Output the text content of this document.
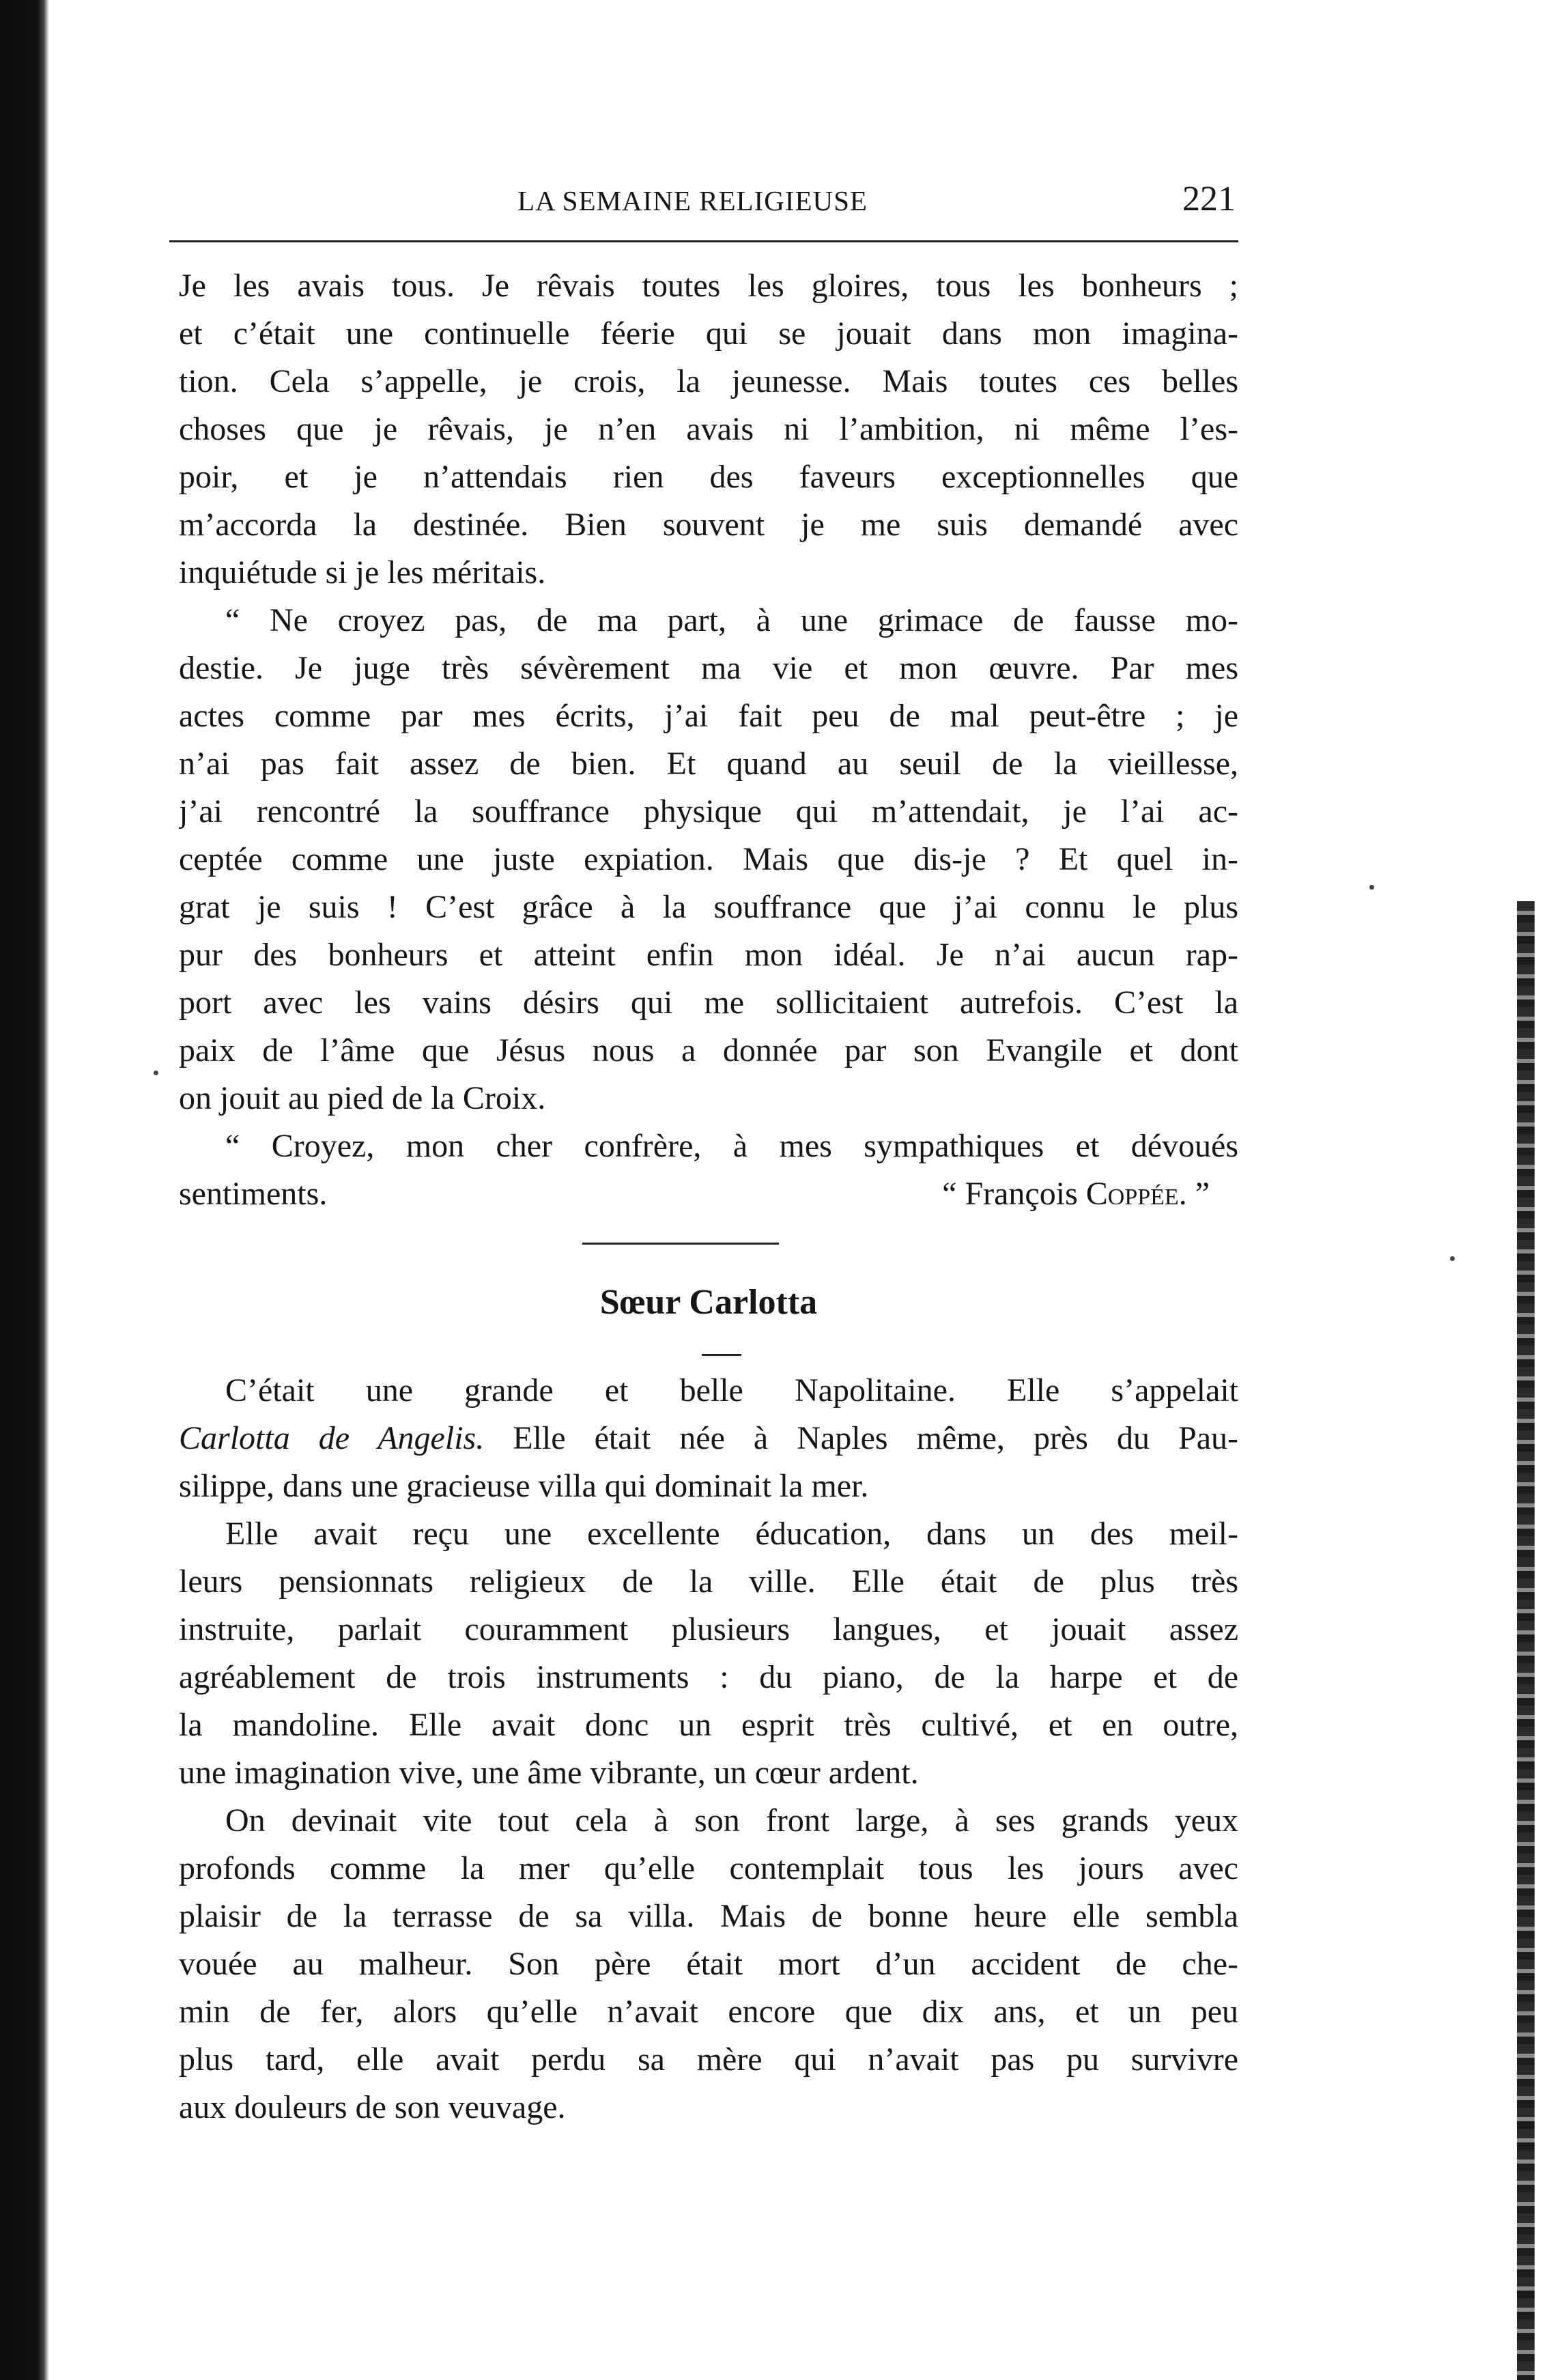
LA SEMAINE RELIGIEUSE	221
Je les avais tous. Je rêvais toutes les gloires, tous les bonheurs ;
et c’était une continuelle féerie qui se jouait dans mon imagina-
tion. Cela s’appelle, je crois, la jeunesse. Mais toutes ces belles
choses que je rêvais, je n’en avais ni l’ambition, ni même l’es-
poir, et je n’attendais rien des faveurs exceptionnelles que
m’accorda la destinée. Bien souvent je me suis demandé avec
inquiétude si je les méritais.
“ Ne croyez pas, de ma part, à une grimace de fausse mo-
destie. Je juge très sévèrement ma vie et mon œuvre. Par mes
actes comme par mes écrits, j’ai fait peu de mal peut-être ; je
n’ai pas fait assez de bien. Et quand au seuil de la vieillesse,
j’ai rencontré la souffrance physique qui m’attendait, je l’ai ac-
ceptée comme une juste expiation. Mais que dis-je ? Et quel in-
grat je suis ! C’est grâce à la souffrance que j’ai connu le plus
pur des bonheurs et atteint enfin mon idéal. Je n’ai aucun rap-
port avec les vains désirs qui me sollicitaient autrefois. C’est la
paix de l’âme que Jésus nous a donnée par son Evangile et dont
on jouit au pied de la Croix.
“ Croyez, mon cher confrère, à mes sympathiques et dévoués
sentiments.	“ François Coppée. ”
Sœur Carlotta
C’était une grande et belle Napolitaine. Elle s’appelait
Carlotta de Angelis. Elle était née à Naples même, près du Pau-
silippe, dans une gracieuse villa qui dominait la mer.
Elle avait reçu une excellente éducation, dans un des meil-
leurs pensionnats religieux de la ville. Elle était de plus très
instruite, parlait couramment plusieurs langues, et jouait assez
agréablement de trois instruments : du piano, de la harpe et de
la mandoline. Elle avait donc un esprit très cultivé, et en outre,
une imagination vive, une âme vibrante, un cœur ardent.
On devinait vite tout cela à son front large, à ses grands yeux
profonds comme la mer qu’elle contemplait tous les jours avec
plaisir de la terrasse de sa villa. Mais de bonne heure elle sembla
vouée au malheur. Son père était mort d’un accident de che-
min de fer, alors qu’elle n’avait encore que dix ans, et un peu
plus tard, elle avait perdu sa mère qui n’avait pas pu survivre
aux douleurs de son veuvage.
